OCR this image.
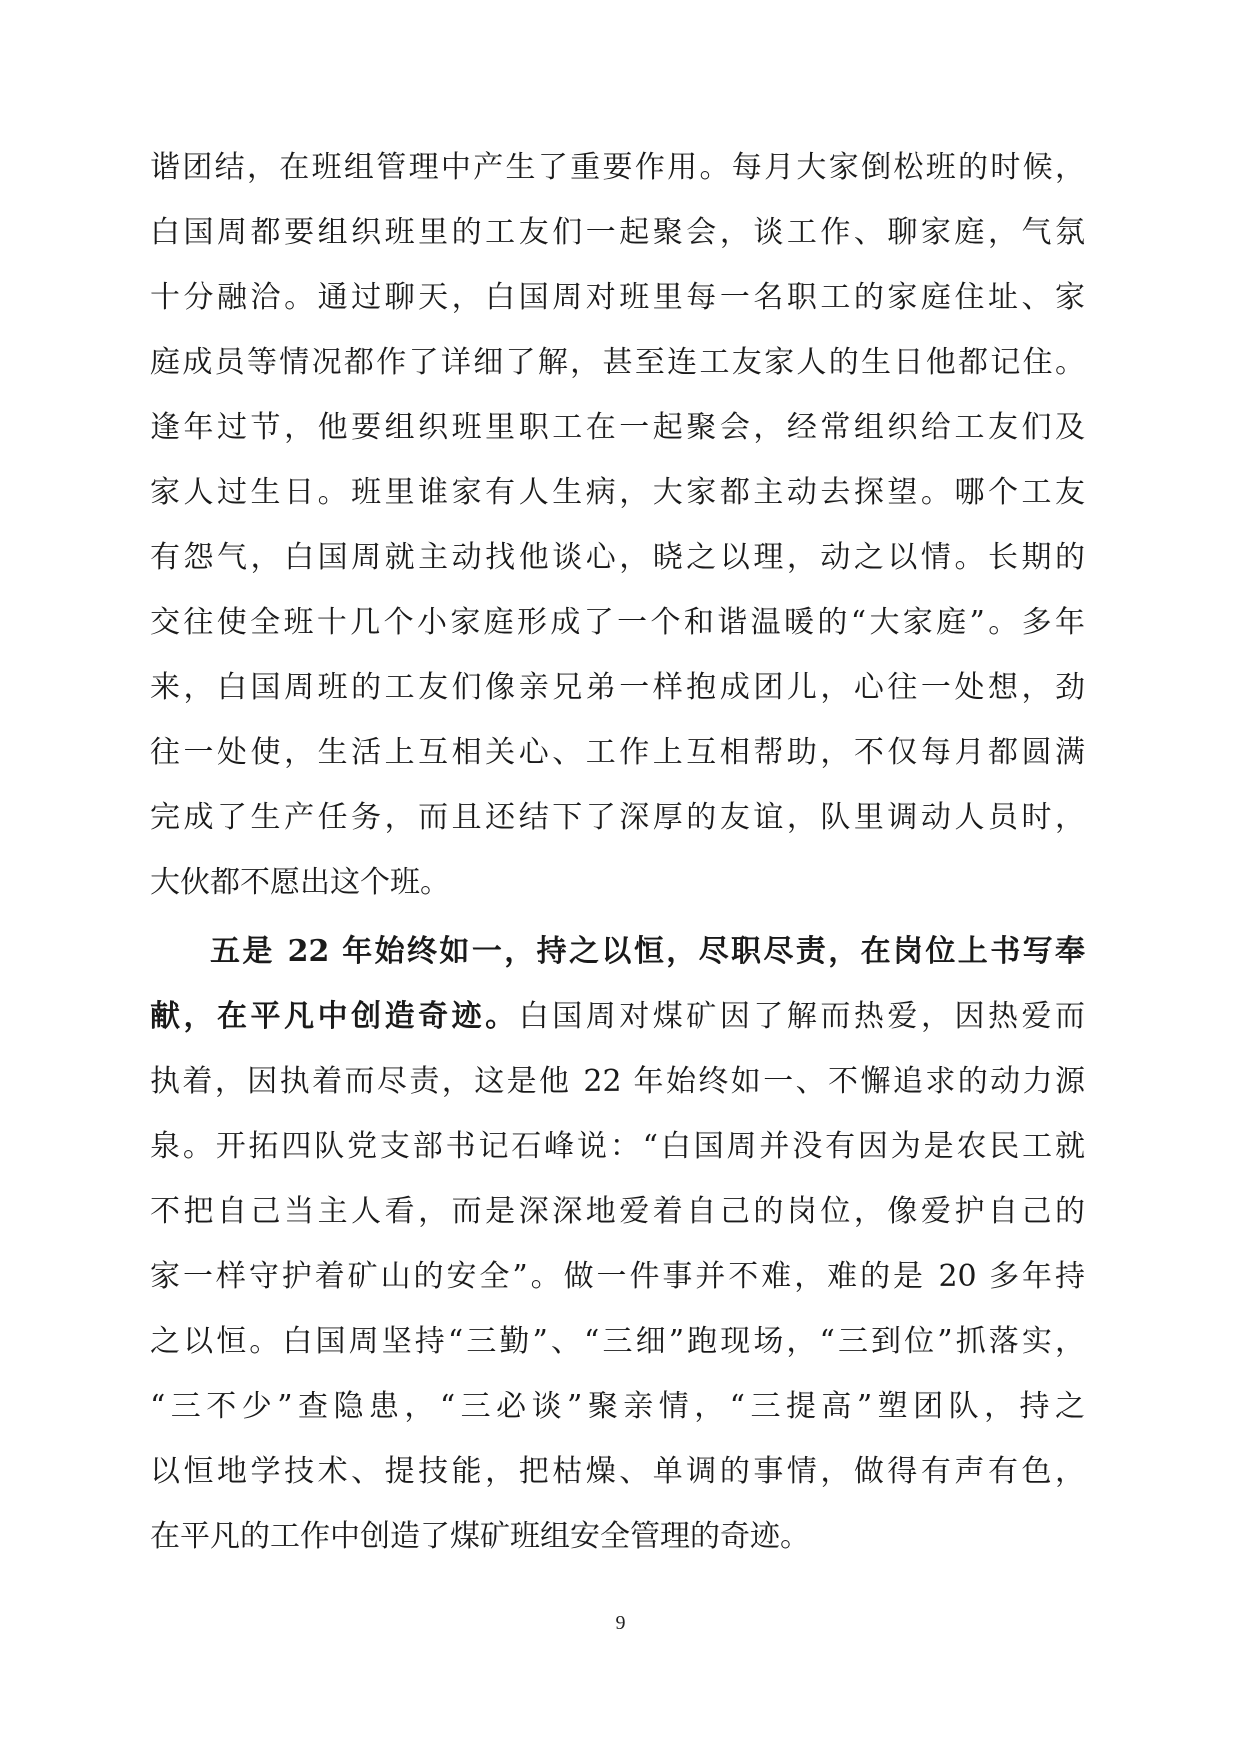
谐团结，在班组管理中产生了重要作用。每月大家倒松班的时候，
白国周都要组织班里的工友们一起聚会，谈工作、聊家庭，气氛
十分融洽。通过聊天，白国周对班里每一名职工的家庭住址、家
庭成员等情况都作了详细了解，甚至连工友家人的生日他都记住。
逢年过节，他要组织班里职工在一起聚会，经常组织给工友们及
家人过生日。班里谁家有人生病，大家都主动去探望。哪个工友
有怨气，白国周就主动找他谈心，晓之以理，动之以情。长期的
交往使全班十几个小家庭形成了一个和谐温暖的“大家庭”。多年
来，白国周班的工友们像亲兄弟一样抱成团儿，心往一处想，劲
往一处使，生活上互相关心、工作上互相帮助，不仅每月都圆满
完成了生产任务，而且还结下了深厚的友谊，队里调动人员时，
大伙都不愿出这个班。
五是 22 年始终如一，持之以恒，尽职尽责，在岗位上书写奉
献，在平凡中创造奇迹。白国周对煤矿因了解而热爱，因热爱而
执着，因执着而尽责，这是他 22 年始终如一、不懈追求的动力源
泉。开拓四队党支部书记石峰说：“白国周并没有因为是农民工就
不把自己当主人看，而是深深地爱着自己的岗位，像爱护自己的
家一样守护着矿山的安全”。做一件事并不难，难的是 20 多年持
之以恒。白国周坚持“三勤”、“三细”跑现场，“三到位”抓落实，
“三不少”查隐患，“三必谈”聚亲情，“三提高”塑团队，持之
以恒地学技术、提技能，把枯燥、单调的事情，做得有声有色，
在平凡的工作中创造了煤矿班组安全管理的奇迹。
9
